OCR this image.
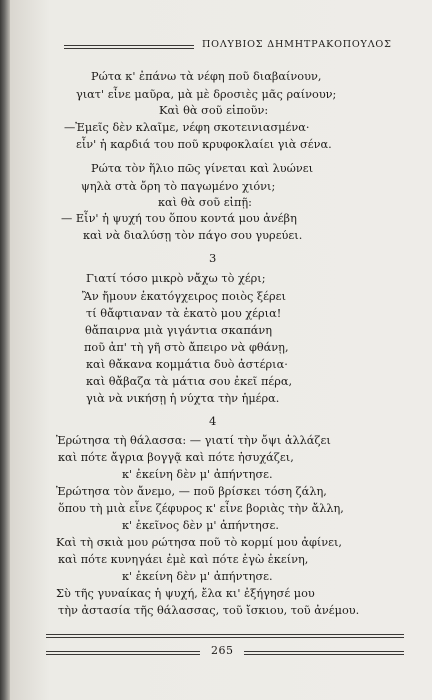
ΠΟΛΥΒΙΟΣ ΔΗΜΗΤΡΑΚΟΠΟΥΛΟΣ
Ρώτα κ' ἐπάνω τὰ νέφη ποῦ διαβαίνουν,
γιατ' εἶνε μαῦρα, μὰ μὲ δροσιὲς μᾶς ραίνουν;
Καὶ θὰ σοῦ εἰποῦν:
—Ἐμεῖς δὲν κλαῖμε, νέφη σκοτεινιασμένα·
εἶν' ἡ καρδιά του ποῦ κρυφοκλαίει γιὰ σένα.
Ρώτα τὸν ἥλιο πῶς γίνεται καὶ λυώνει
ψηλὰ στὰ ὄρη τὸ παγωμένο χιόνι;
καὶ θὰ σοῦ εἰπῇ:
— Εἶν' ἡ ψυχή του ὅπου κοντά μου ἀνέβη
καὶ νὰ διαλύσῃ τὸν πάγο σου γυρεύει.
3
Γιατί τόσο μικρὸ νἄχω τὸ χέρι;
Ἂν ἤμουν ἑκατόγχειρος ποιὸς ξέρει
τί θἄφτιαναν τὰ ἑκατὸ μου χέρια!
θἄπαιρνα μιὰ γιγάντια σκαπάνη
ποῦ ἀπ' τὴ γῆ στὸ ἄπειρο νὰ φθάνῃ,
καὶ θἄκανα κομμάτια δυὸ ἀστέρια·
καὶ θἄβαζα τὰ μάτια σου ἐκεῖ πέρα,
γιὰ νὰ νικήσῃ ἡ νύχτα τὴν ἡμέρα.
4
Ἐρώτησα τὴ θάλασσα: — γιατί τὴν ὄψι ἀλλάζει
καὶ πότε ἄγρια βογγᾷ καὶ πότε ἡσυχάζει,
κ' ἐκείνη δὲν μ' ἀπήντησε.
Ἐρώτησα τὸν ἄνεμο, — ποῦ βρίσκει τόση ζάλη,
ὅπου τὴ μιὰ εἶνε ζέφυρος κ' εἶνε βοριὰς τὴν ἄλλη,
κ' ἐκεῖνος δὲν μ' ἀπήντησε.
Καὶ τὴ σκιὰ μου ρώτησα ποῦ τὸ κορμί μου ἀφίνει,
καὶ πότε κυνηγάει ἐμὲ καὶ πότε ἐγὼ ἐκείνη,
κ' ἐκείνη δὲν μ' ἀπήντησε.
Σὺ τῆς γυναίκας ἡ ψυχή, ἔλα κι' ἐξήγησέ μου
τὴν ἀστασία τῆς θάλασσας, τοῦ ἴσκιου, τοῦ ἀνέμου.
265
